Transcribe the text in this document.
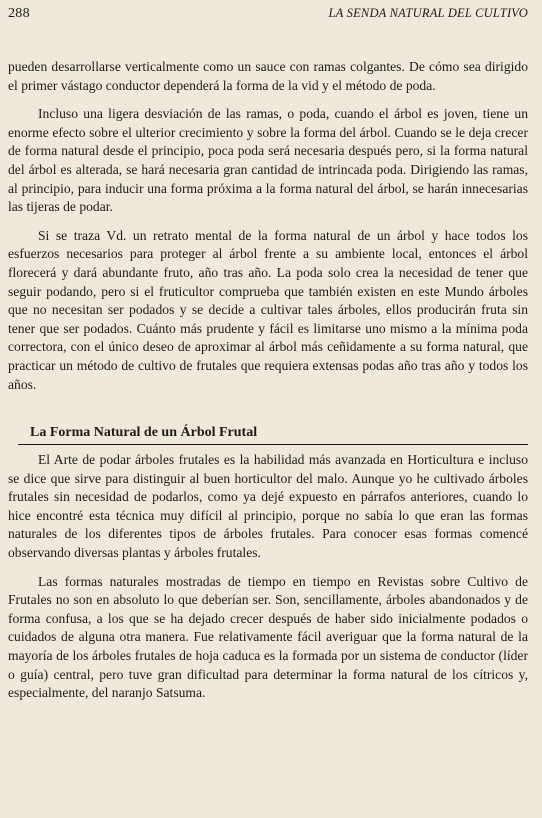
288	LA SENDA NATURAL DEL CULTIVO

pueden desarrollarse verticalmente como un sauce con ramas colgantes. De cómo sea dirigido el primer vástago conductor dependerá la forma de la vid y el método de poda.

Incluso una ligera desviación de las ramas, o poda, cuando el árbol es joven, tiene un enorme efecto sobre el ulterior crecimiento y sobre la forma del árbol. Cuando se le deja crecer de forma natural desde el principio, poca poda será necesaria después pero, si la forma natural del árbol es alterada, se hará necesaria gran cantidad de intrincada poda. Dirigiendo las ramas, al principio, para inducir una forma próxima a la forma natural del árbol, se harán innecesarias las tijeras de podar.

Si se traza Vd. un retrato mental de la forma natural de un árbol y hace todos los esfuerzos necesarios para proteger al árbol frente a su ambiente local, entonces el árbol florecerá y dará abundante fruto, año tras año. La poda solo crea la necesidad de tener que seguir podando, pero si el fruticultor comprueba que también existen en este Mundo árboles que no necesitan ser podados y se decide a cultivar tales árboles, ellos producirán fruta sin tener que ser podados. Cuánto más prudente y fácil es limitarse uno mismo a la mínima poda correctora, con el único deseo de aproximar al árbol más ceñidamente a su forma natural, que practicar un método de cultivo de frutales que requiera extensas podas año tras año y todos los años.

La Forma Natural de un Árbol Frutal

El Arte de podar árboles frutales es la habilidad más avanzada en Horticultura e incluso se dice que sirve para distinguir al buen horticultor del malo. Aunque yo he cultivado árboles frutales sin necesidad de podarlos, como ya dejé expuesto en párrafos anteriores, cuando lo hice encontré esta técnica muy difícil al principio, porque no sabía lo que eran las formas naturales de los diferentes tipos de árboles frutales. Para conocer esas formas comencé observando diversas plantas y árboles frutales.

Las formas naturales mostradas de tiempo en tiempo en Revistas sobre Cultivo de Frutales no son en absoluto lo que deberían ser. Son, sencillamente, árboles abandonados y de forma confusa, a los que se ha dejado crecer después de haber sido inicialmente podados o cuidados de alguna otra manera. Fue relativamente fácil averiguar que la forma natural de la mayoría de los árboles frutales de hoja caduca es la formada por un sistema de conductor (líder o guía) central, pero tuve gran dificultad para determinar la forma natural de los cítricos y, especialmente, del naranjo Satsuma.
